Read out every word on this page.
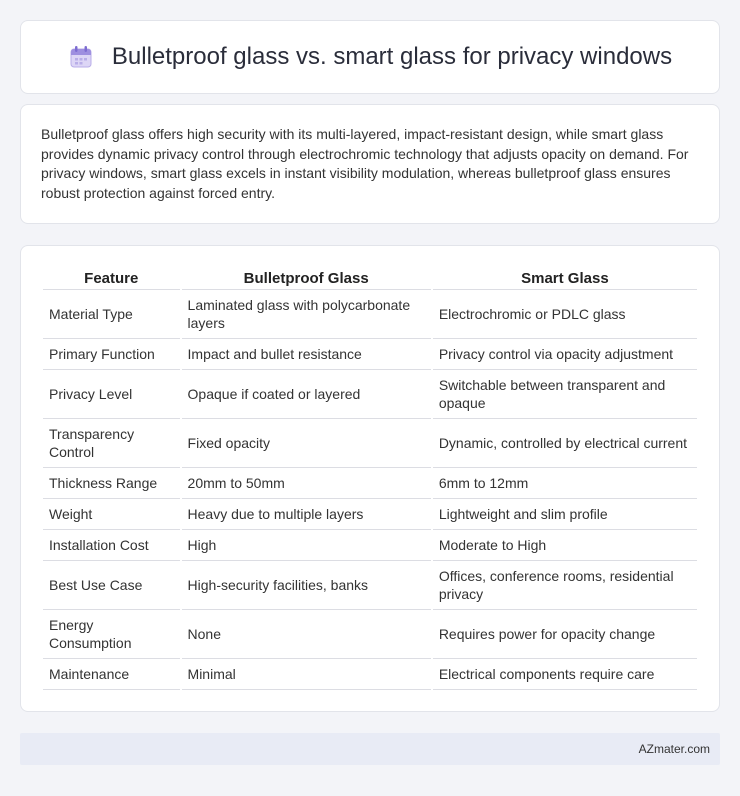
Bulletproof glass vs. smart glass for privacy windows

Bulletproof glass offers high security with its multi-layered, impact-resistant design, while smart glass provides dynamic privacy control through electrochromic technology that adjusts opacity on demand. For privacy windows, smart glass excels in instant visibility modulation, whereas bulletproof glass ensures robust protection against forced entry.

Feature	Bulletproof Glass	Smart Glass
Material Type	Laminated glass with polycarbonate layers	Electrochromic or PDLC glass
Primary Function	Impact and bullet resistance	Privacy control via opacity adjustment
Privacy Level	Opaque if coated or layered	Switchable between transparent and opaque
Transparency Control	Fixed opacity	Dynamic, controlled by electrical current
Thickness Range	20mm to 50mm	6mm to 12mm
Weight	Heavy due to multiple layers	Lightweight and slim profile
Installation Cost	High	Moderate to High
Best Use Case	High-security facilities, banks	Offices, conference rooms, residential privacy
Energy Consumption	None	Requires power for opacity change
Maintenance	Minimal	Electrical components require care
AZmater.com
